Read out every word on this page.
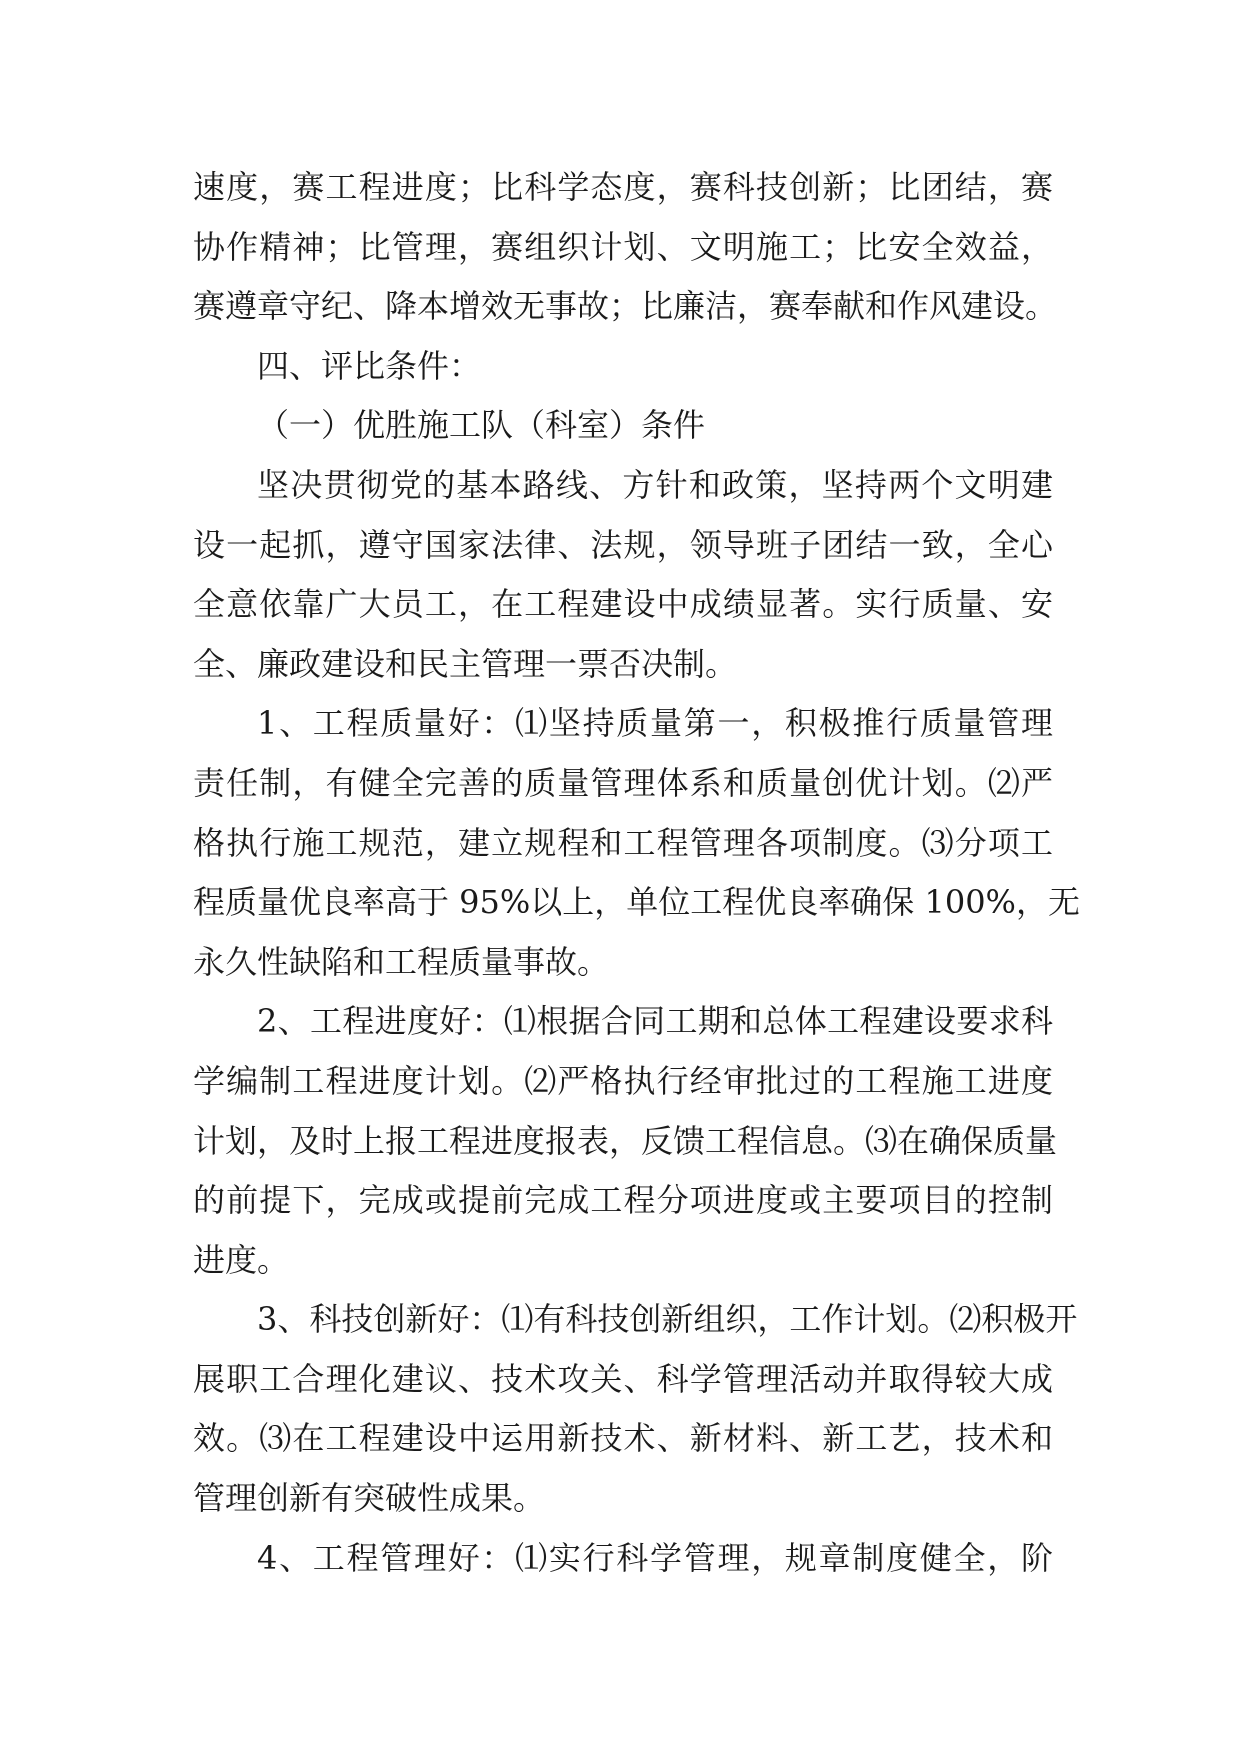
速度，赛工程进度；比科学态度，赛科技创新；比团结，赛
协作精神；比管理，赛组织计划、文明施工；比安全效益，
赛遵章守纪、降本增效无事故；比廉洁，赛奉献和作风建设。
四、评比条件：
（一）优胜施工队（科室）条件
坚决贯彻党的基本路线、方针和政策，坚持两个文明建
设一起抓，遵守国家法律、法规，领导班子团结一致，全心
全意依靠广大员工，在工程建设中成绩显著。实行质量、安
全、廉政建设和民主管理一票否决制。
1、工程质量好：⑴坚持质量第一，积极推行质量管理
责任制，有健全完善的质量管理体系和质量创优计划。⑵严
格执行施工规范，建立规程和工程管理各项制度。⑶分项工
程质量优良率高于 95%以上，单位工程优良率确保 100%，无
永久性缺陷和工程质量事故。
2、工程进度好：⑴根据合同工期和总体工程建设要求科
学编制工程进度计划。⑵严格执行经审批过的工程施工进度
计划，及时上报工程进度报表，反馈工程信息。⑶在确保质量
的前提下，完成或提前完成工程分项进度或主要项目的控制
进度。
3、科技创新好：⑴有科技创新组织，工作计划。⑵积极开
展职工合理化建议、技术攻关、科学管理活动并取得较大成
效。⑶在工程建设中运用新技术、新材料、新工艺，技术和
管理创新有突破性成果。
4、工程管理好：⑴实行科学管理，规章制度健全，阶
